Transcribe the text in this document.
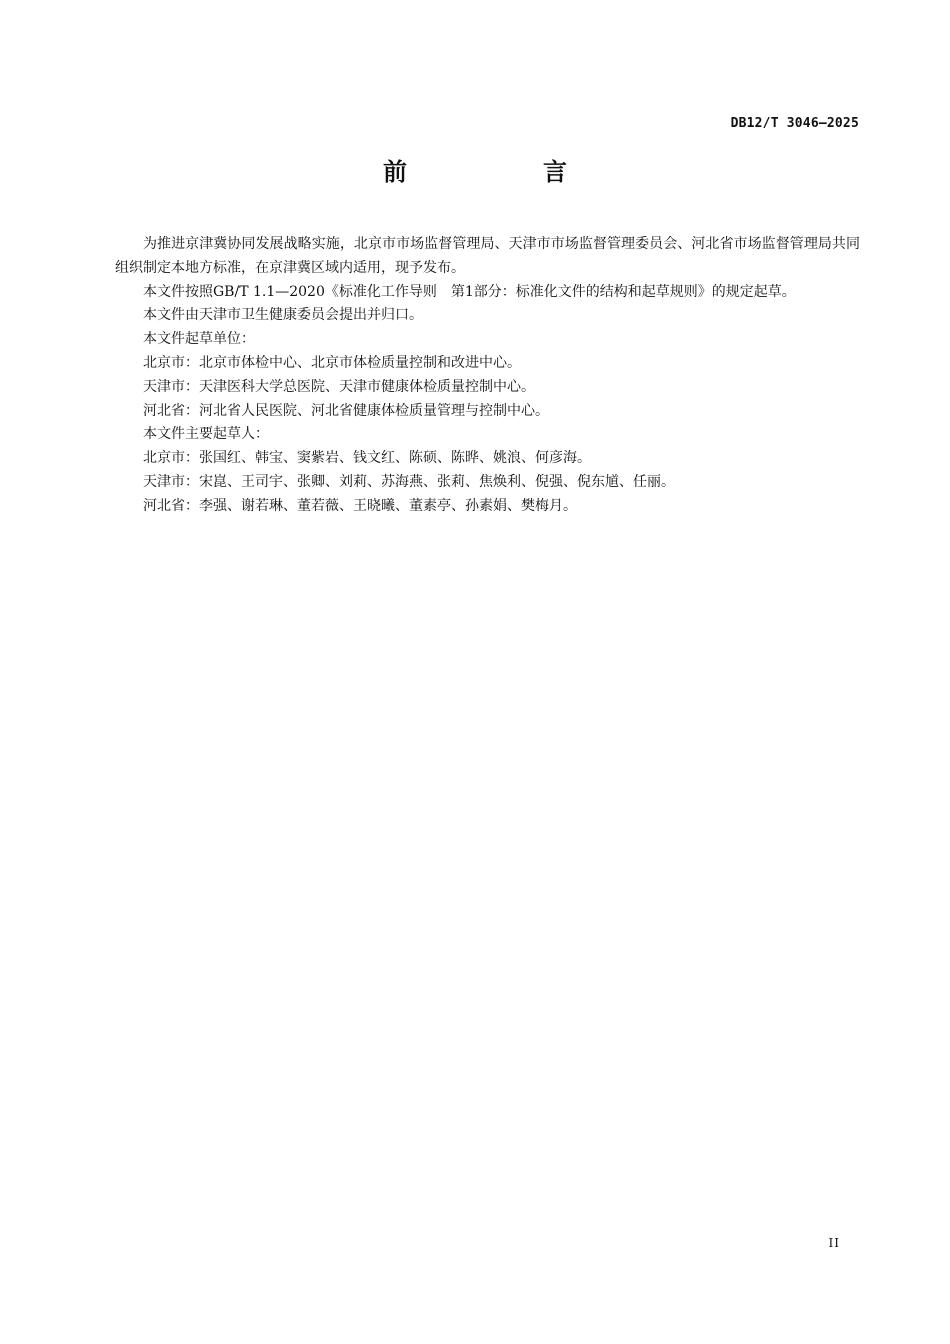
DB12/T 3046—2025
前　言

为推进京津冀协同发展战略实施，北京市市场监督管理局、天津市市场监督管理委员会、河北省市场监督管理局共同组织制定本地方标准，在京津冀区域内适用，现予发布。

本文件按照GB/T 1.1—2020《标准化工作导则　第1部分：标准化文件的结构和起草规则》的规定起草。

本文件由天津市卫生健康委员会提出并归口。

本文件起草单位：

北京市：北京市体检中心、北京市体检质量控制和改进中心。

天津市：天津医科大学总医院、天津市健康体检质量控制中心。

河北省：河北省人民医院、河北省健康体检质量管理与控制中心。

本文件主要起草人：

北京市：张国红、韩宝、窦紫岩、钱文红、陈硕、陈晔、姚浪、何彦海。

天津市：宋崑、王司宇、张卿、刘莉、苏海燕、张莉、焦焕利、倪强、倪东馗、任丽。

河北省：李强、谢若琳、董若薇、王晓曦、董素亭、孙素娟、樊梅月。

II
